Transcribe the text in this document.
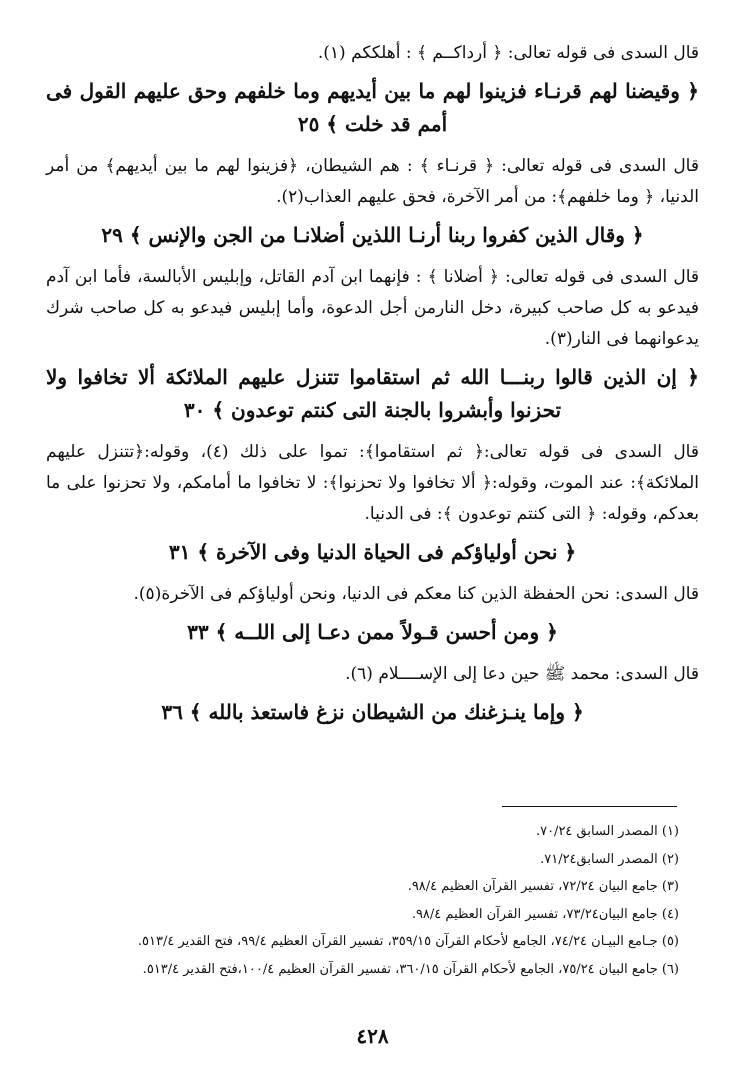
قال السدى فى قوله تعالى: ﴿ أرداكــم ﴾ : أهلككم (١).
﴿ وقيضنا لهم قرنـاء فزينوا لهم ما بين أيديهم وما خلفهم وحق عليهم القول فى أمم قد خلت ﴾ ٢٥
قال السدى فى قوله تعالى: ﴿ قرنـاء ﴾ : هم الشيطان، ﴿فزينوا لهم ما بين أيديهم﴾ من أمر الدنيا، ﴿ وما خلفهم﴾: من أمر الآخرة، فحق عليهم العذاب(٢).
﴿ وقال الذين كفروا ربنا أرنـا اللذين أضلانـا من الجن والإنس ﴾ ٢٩
قال السدى فى قوله تعالى: ﴿ أضلانا ﴾ : فإنهما ابن آدم القاتل، وإبليس الأبالسة، فأما ابن آدم فيدعو به كل صاحب كبيرة، دخل النارمن أجل الدعوة، وأما إبليس فيدعو به كل صاحب شرك يدعوانهما فى النار(٣).
﴿ إن الذين قالوا ربنـــا الله ثم استقاموا تتنزل عليهم الملائكة ألا تخافوا ولا تحزنوا وأبشروا بالجنة التى كنتم توعدون ﴾ ٣٠
قال السدى فى قوله تعالى:﴿ ثم استقاموا﴾: تموا على ذلك (٤)، وقوله:﴿تتنزل عليهم الملائكة﴾: عند الموت، وقوله:﴿ ألا تخافوا ولا تحزنوا﴾: لا تخافوا ما أمامكم، ولا تحزنوا على ما بعدكم، وقوله: ﴿ التى كنتم توعدون ﴾: فى الدنيا.
﴿ نحن أولياؤكم فى الحياة الدنيا وفى الآخرة ﴾ ٣١
قال السدى: نحن الحفظة الذين كنا معكم فى الدنيا، ونحن أولياؤكم فى الآخرة(٥).
﴿ ومن أحسن قـولاً ممن دعـا إلى اللــه ﴾ ٣٣
قال السدى: محمد ﷺ حين دعا إلى الإســــلام (٦).
﴿ وإما ينـزغنك من الشيطان نزغ فاستعذ بالله ﴾ ٣٦
(١) المصدر السابق ٧٠/٢٤.
(٢) المصدر السابق٧١/٢٤.
(٣) جامع البيان ٧٢/٢٤، تفسير القرآن العظيم ٩٨/٤.
(٤) جامع البيان٧٣/٢٤، تفسير القرآن العظيم ٩٨/٤.
(٥) جـامع البيـان ٧٤/٢٤، الجامع لأحكام القرآن ٣٥٩/١٥، تفسير القرآن العظيم ٩٩/٤، فتح القدير ٥١٣/٤.
(٦) جامع البيان ٧٥/٢٤، الجامع لأحكام القرآن ٣٦٠/١٥، تفسير القرآن العظيم ١٠٠/٤،فتح القدير ٥١٣/٤.
٤٢٨
